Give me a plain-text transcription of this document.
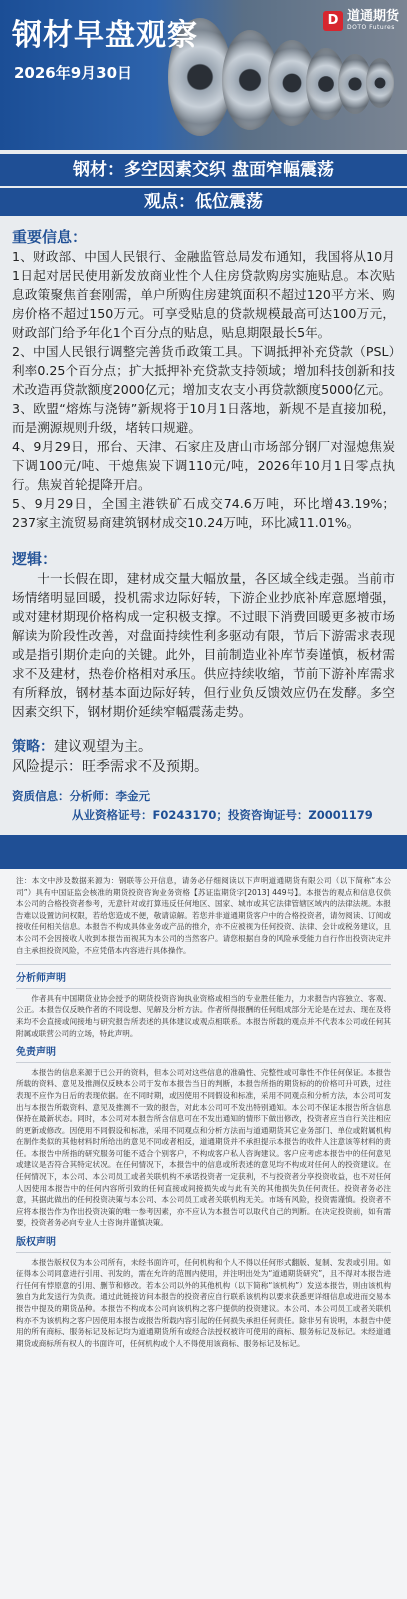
钢材早盘观察
2026年9月30日
D 道通期货
DOTO Futures
钢材：多空因素交织 盘面窄幅震荡
观点：低位震荡
重要信息：
1、财政部、中国人民银行、金融监管总局发布通知，我国将从10月1日起对居民使用新发放商业性个人住房贷款购房实施贴息。本次贴息政策聚焦首套刚需，单户所购住房建筑面积不超过120平方米、购房价格不超过150万元。可享受贴息的贷款规模最高可达100万元，财政部门给予年化1个百分点的贴息，贴息期限最长5年。
2、中国人民银行调整完善货币政策工具。下调抵押补充贷款（PSL）利率0.25个百分点；扩大抵押补充贷款支持领域；增加科技创新和技术改造再贷款额度2000亿元；增加支农支小再贷款额度5000亿元。
3、欧盟“熔炼与浇铸”新规将于10月1日落地，新规不是直接加税，而是溯源规则升级，堵转口规避。
4、9月29日，邢台、天津、石家庄及唐山市场部分钢厂对湿熄焦炭下调100元/吨、干熄焦炭下调110元/吨，2026年10月1日零点执行。焦炭首轮提降开启。
5、9月29日，全国主港铁矿石成交74.6万吨，环比增43.19%；237家主流贸易商建筑钢材成交10.24万吨，环比减11.01%。
逻辑：
十一长假在即，建材成交量大幅放量，各区域全线走强。当前市场情绪明显回暖，投机需求边际好转，下游企业抄底补库意愿增强，或对建材期现价格构成一定积极支撑。不过眼下消费回暖更多被市场解读为阶段性改善，对盘面持续性利多驱动有限，节后下游需求表现或是指引期价走向的关键。此外，目前制造业补库节奏谨慎，板材需求不及建材，热卷价格相对承压。供应持续收缩，节前下游补库需求有所释放，钢材基本面边际好转，但行业负反馈效应仍在发酵。多空因素交织下，钢材期价延续窄幅震荡走势。
策略：建议观望为主。
风险提示：旺季需求不及预期。
资质信息：分析师：李金元
从业资格证号：F0243170；投资咨询证号：Z0001179

注：本文中涉及数据来源为：钢联等公开信息，请务必仔细阅读以下声明道通期货有限公司（以下简称“本公司”）具有中国证监会核准的期货投资咨询业务资格【苏证监期货字[2013] 449号】。本报告的观点和信息仅供本公司的合格投资者参考，无意针对或打算违反任何地区、国家、城市或其它法律管辖区域内的法律法规。本报告难以设置访问权限，若给您造成不便，敬请谅解。若您并非道通期货客户中的合格投资者，请勿阅读、订阅或接收任何相关信息。本报告不构成具体业务或产品的推介，亦不应被视为任何投资、法律、会计或税务建议，且本公司不会因接收人收到本报告而视其为本公司的当然客户。请您根据自身的风险承受能力自行作出投资决定并自主承担投资风险，不应凭借本内容进行具体操作。

分析师声明

作者具有中国期货业协会授予的期货投资咨询执业资格或相当的专业胜任能力，力求报告内容独立、客观、公正。本报告仅反映作者的不同设想、见解及分析方法。作者所得报酬的任何组成部分无论是在过去、现在及将来均不会直接或间接地与研究报告所表述的具体建议或观点相联系。本报告所载的观点并不代表本公司或任何其附属或联营公司的立场，特此声明。

免责声明

本报告的信息来源于已公开的资料，但本公司对这些信息的准确性、完整性或可靠性不作任何保证。本报告所载的资料、意见及推测仅反映本公司于发布本报告当日的判断，本报告所指的期货标的的价格可升可跌，过往表现不应作为日后的表现依据。在不同时期，或因使用不同假设和标准，采用不同观点和分析方法，本公司可发出与本报告所载资料、意见及推测不一致的报告，对此本公司可不发出特别通知。本公司不保证本报告所含信息保持在最新状态。同时，本公司对本报告所含信息可在不发出通知的情形下做出修改，投资者应当自行关注相应的更新或修改。因使用不同假设和标准，采用不同观点和分析方法而与道通期货其它业务部门、单位或附属机构在制作类似的其他材料时所给出的意见不同或者相反，道通期货并不承担提示本报告的收件人注意该等材料的责任。本报告中所指的研究服务可能不适合个别客户，不构成客户私人咨询建议。客户应考虑本报告中的任何意见或建议是否符合其特定状况。在任何情况下，本报告中的信息或所表述的意见均不构成对任何人的投资建议。在任何情况下，本公司、本公司员工或者关联机构不承诺投资者一定获利，不与投资者分享投资收益，也不对任何人因使用本报告中的任何内容所引致的任何直接或间接损失或与此有关的其他损失负任何责任。投资者务必注意，其据此做出的任何投资决策与本公司、本公司员工或者关联机构无关。市场有风险，投资需谨慎。投资者不应将本报告作为作出投资决策的唯一参考因素，亦不应认为本报告可以取代自己的判断。在决定投资前，如有需要，投资者务必向专业人士咨询并谨慎决策。

版权声明

本报告版权仅为本公司所有，未经书面许可，任何机构和个人不得以任何形式翻版、复制、发表或引用。如征得本公司同意进行引用、刊发的，需在允许的范围内使用，并注明出处为“道通期货研究”，且不得对本报告进行任何有悖原意的引用、删节和修改。若本公司以外的其他机构（以下简称“该机构”）发送本报告，则由该机构独自为此发送行为负责。通过此链接访问本报告的投资者应自行联系该机构以要求获悉更详细信息或进而交易本报告中提及的期货品种。本报告不构成本公司向该机构之客户提供的投资建议。本公司、本公司员工或者关联机构亦不为该机构之客户因使用本报告或报告所载内容引起的任何损失承担任何责任。除非另有说明，本报告中使用的所有商标、服务标记及标记均为道通期货所有或经合法授权被许可使用的商标、服务标记及标记。未经道通期货或商标所有权人的书面许可，任何机构或个人不得使用该商标、服务标记及标记。
